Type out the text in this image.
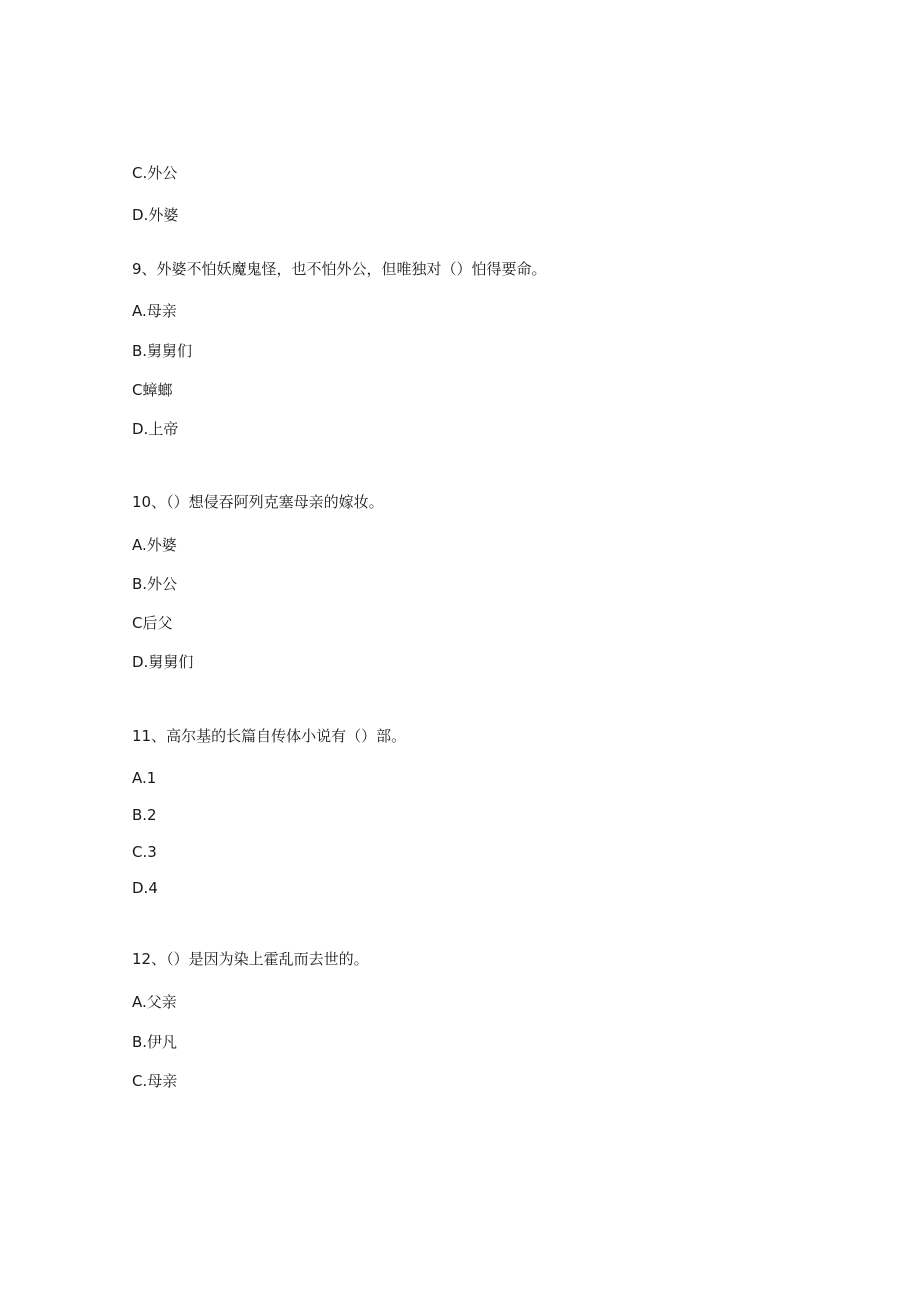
C.外公
D.外婆
9、外婆不怕妖魔鬼怪，也不怕外公，但唯独对（）怕得要命。
A.母亲
B.舅舅们
C蟑螂
D.上帝
10、（）想侵吞阿列克塞母亲的嫁妆。
A.外婆
B.外公
C后父
D.舅舅们
11、高尔基的长篇自传体小说有（）部。
A.1
B.2
C.3
D.4
12、（）是因为染上霍乱而去世的。
A.父亲
B.伊凡
C.母亲
